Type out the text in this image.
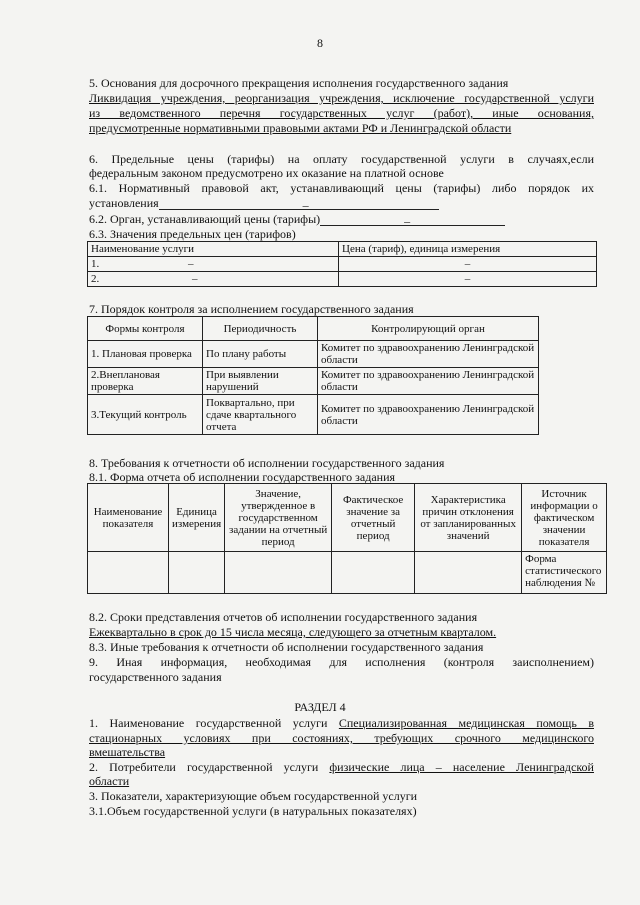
8
5. Основания для досрочного прекращения исполнения государственного задания
Ликвидация учреждения, реорганизация учреждения, исключение государственной услуги
из ведомственного перечня государственных услуг (работ), иные основания,
предусмотренные нормативными правовыми актами РФ и Ленинградской области
6. Предельные цены (тарифы) на оплату государственной услуги в случаях,если
федеральным законом предусмотрено их оказание на платной основе
6.1. Нормативный правовой акт, устанавливающий цены (тарифы) либо порядок их
установления	–
6.2. Орган, устанавливающий цены (тарифы)	–
6.3. Значения предельных цен (тарифов)
Наименование услуги	Цена (тариф), единица измерения
1. –	–
2. –	–
7. Порядок контроля за исполнением государственного задания
Формы контроля	Периодичность	Контролирующий орган
1. Плановая проверка	По плану работы	Комитет по здравоохранению Ленинградской области
2.Внеплановая проверка	При выявлении нарушений	Комитет по здравоохранению Ленинградской области
3.Текущий контроль	Поквартально, при сдаче квартального отчета	Комитет по здравоохранению Ленинградской области
8. Требования к отчетности об исполнении государственного задания
8.1. Форма отчета об исполнении государственного задания
Наименование показателя	Единица измерения	Значение, утвержденное в государственном задании на отчетный период	Фактическое значение за отчетный период	Характеристика причин отклонения от запланированных значений	Источник информации о фактическом значении показателя
					Форма статистического наблюдения №
8.2. Сроки представления отчетов об исполнении государственного задания
Ежеквартально в срок до 15 числа месяца, следующего за отчетным кварталом.
8.3. Иные требования к отчетности об исполнении государственного задания
9. Иная информация, необходимая для исполнения (контроля заисполнением)
государственного задания
РАЗДЕЛ 4
1. Наименование государственной услуги Специализированная медицинская помощь в
стационарных условиях при состояниях, требующих срочного медицинского
вмешательства
2. Потребители государственной услуги физические лица – население Ленинградской
области
3. Показатели, характеризующие объем государственной услуги
3.1.Объем государственной услуги (в натуральных показателях)
